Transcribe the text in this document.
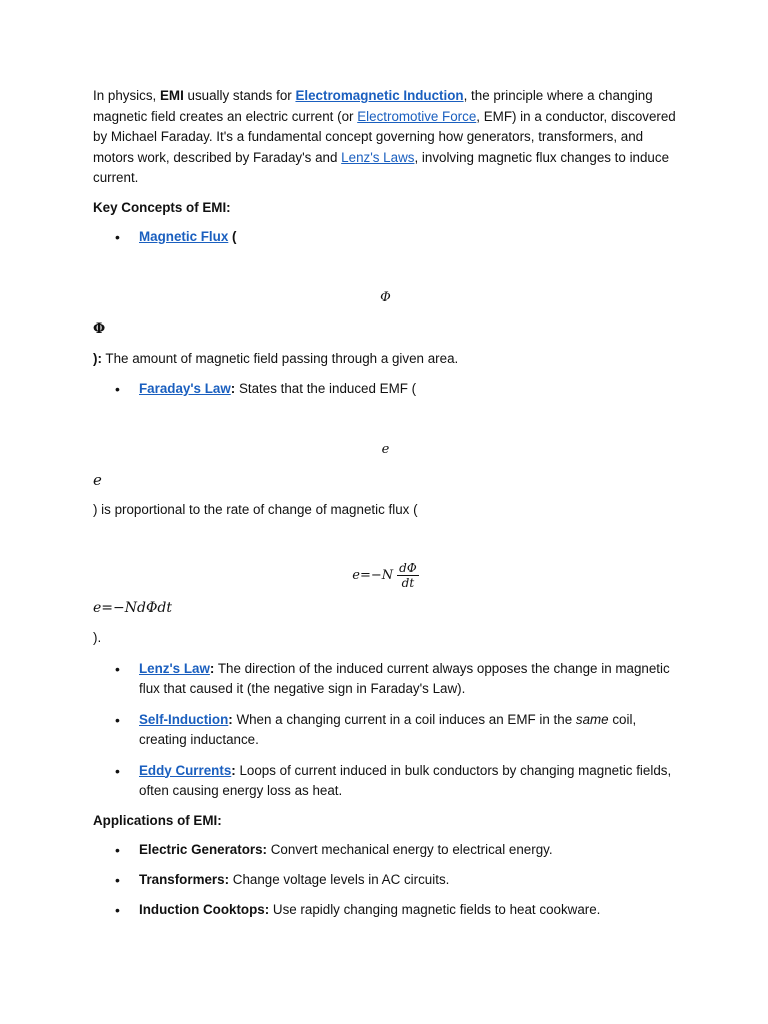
In physics, EMI usually stands for Electromagnetic Induction, the principle where a changing magnetic field creates an electric current (or Electromotive Force, EMF) in a conductor, discovered by Michael Faraday. It's a fundamental concept governing how generators, transformers, and motors work, described by Faraday's and Lenz's Laws, involving magnetic flux changes to induce current.

Key Concepts of EMI:

• Magnetic Flux (
Φ
Φ

): The amount of magnetic field passing through a given area.

• Faraday's Law: States that the induced EMF (
e
e

) is proportional to the rate of change of magnetic flux (

$e=-N \frac{d\Phi}{dt}$
e=−NdΦdt

).

• Lenz's Law: The direction of the induced current always opposes the change in magnetic flux that caused it (the negative sign in Faraday's Law).
• Self-Induction: When a changing current in a coil induces an EMF in the same coil, creating inductance.
• Eddy Currents: Loops of current induced in bulk conductors by changing magnetic fields, often causing energy loss as heat.

Applications of EMI:

• Electric Generators: Convert mechanical energy to electrical energy.
• Transformers: Change voltage levels in AC circuits.
• Induction Cooktops: Use rapidly changing magnetic fields to heat cookware.
